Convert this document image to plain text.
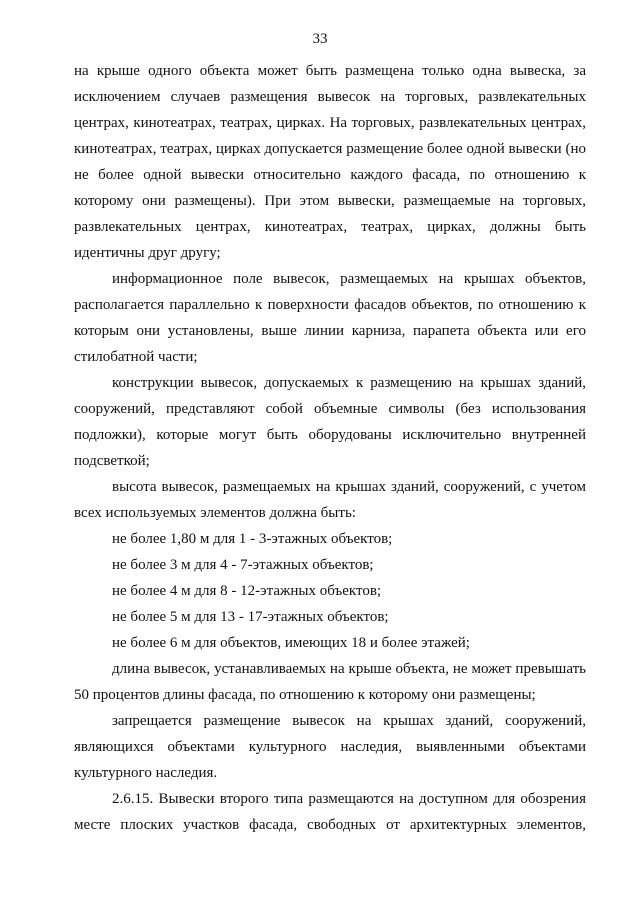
33
на крыше одного объекта может быть размещена только одна вывеска, за
исключением случаев размещения вывесок на торговых, развлекательных
центрах, кинотеатрах, театрах, цирках. На торговых, развлекательных центрах,
кинотеатрах, театрах, цирках допускается размещение более одной вывески (но
не более одной вывески относительно каждого фасада, по отношению к
которому они размещены). При этом вывески, размещаемые на торговых,
развлекательных центрах, кинотеатрах, театрах, цирках, должны быть
идентичны друг другу;
информационное поле вывесок, размещаемых на крышах объектов,
располагается параллельно к поверхности фасадов объектов, по отношению к
которым они установлены, выше линии карниза, парапета объекта или его
стилобатной части;
конструкции вывесок, допускаемых к размещению на крышах зданий,
сооружений, представляют собой объемные символы (без использования
подложки), которые могут быть оборудованы исключительно внутренней
подсветкой;
высота вывесок, размещаемых на крышах зданий, сооружений, с учетом
всех используемых элементов должна быть:
не более 1,80 м для 1 - 3-этажных объектов;
не более 3 м для 4 - 7-этажных объектов;
не более 4 м для 8 - 12-этажных объектов;
не более 5 м для 13 - 17-этажных объектов;
не более 6 м для объектов, имеющих 18 и более этажей;
длина вывесок, устанавливаемых на крыше объекта, не может превышать
50 процентов длины фасада, по отношению к которому они размещены;
запрещается размещение вывесок на крышах зданий, сооружений,
являющихся объектами культурного наследия, выявленными объектами
культурного наследия.
2.6.15. Вывески второго типа размещаются на доступном для обозрения
месте плоских участков фасада, свободных от архитектурных элементов,
